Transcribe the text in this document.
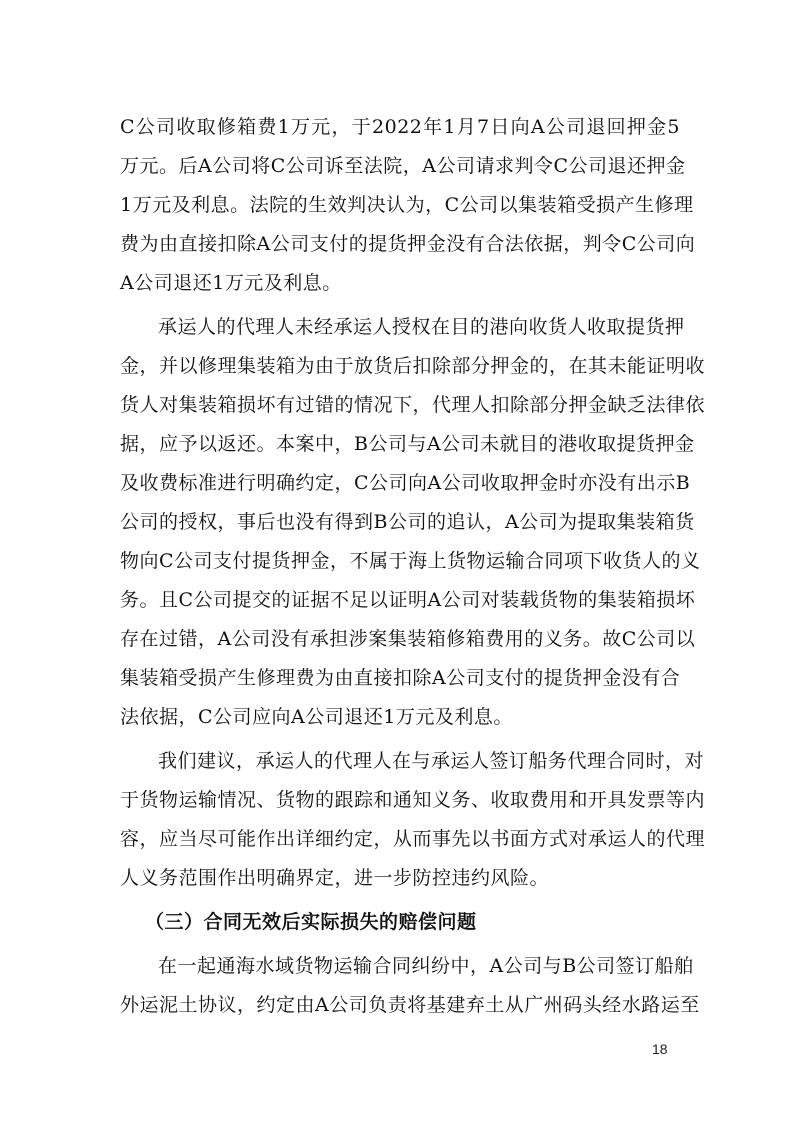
C公司收取修箱费1万元，于2022年1月7日向A公司退回押金5
万元。后A公司将C公司诉至法院，A公司请求判令C公司退还押金
1万元及利息。法院的生效判决认为，C公司以集装箱受损产生修理
费为由直接扣除A公司支付的提货押金没有合法依据，判令C公司向
A公司退还1万元及利息。
承运人的代理人未经承运人授权在目的港向收货人收取提货押
金，并以修理集装箱为由于放货后扣除部分押金的，在其未能证明收
货人对集装箱损坏有过错的情况下，代理人扣除部分押金缺乏法律依
据，应予以返还。本案中，B公司与A公司未就目的港收取提货押金
及收费标准进行明确约定，C公司向A公司收取押金时亦没有出示B
公司的授权，事后也没有得到B公司的追认，A公司为提取集装箱货
物向C公司支付提货押金，不属于海上货物运输合同项下收货人的义
务。且C公司提交的证据不足以证明A公司对装载货物的集装箱损坏
存在过错，A公司没有承担涉案集装箱修箱费用的义务。故C公司以
集装箱受损产生修理费为由直接扣除A公司支付的提货押金没有合
法依据，C公司应向A公司退还1万元及利息。
我们建议，承运人的代理人在与承运人签订船务代理合同时，对
于货物运输情况、货物的跟踪和通知义务、收取费用和开具发票等内
容，应当尽可能作出详细约定，从而事先以书面方式对承运人的代理
人义务范围作出明确界定，进一步防控违约风险。
（三）合同无效后实际损失的赔偿问题
在一起通海水域货物运输合同纠纷中，A公司与B公司签订船舶
外运泥土协议，约定由A公司负责将基建弃土从广州码头经水路运至
18
